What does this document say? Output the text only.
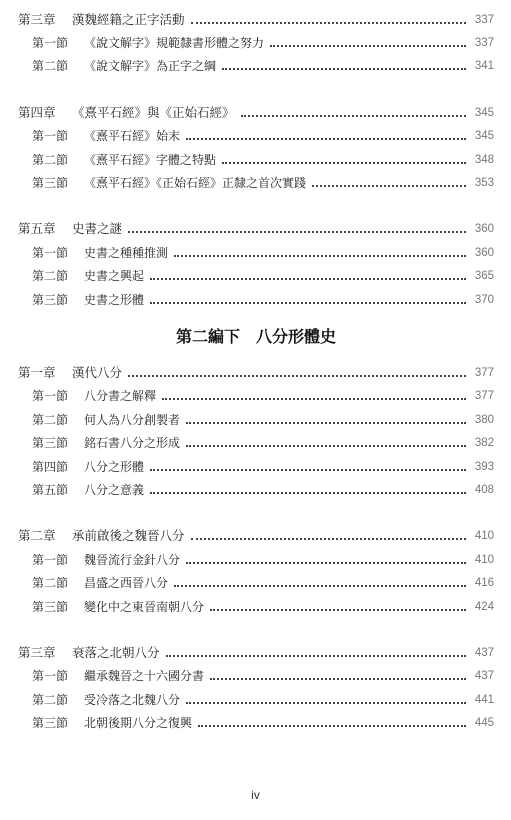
第三章	漢魏經籍之正字活動	337
第一節	《說文解字》規範隸書形體之努力	337
第二節	《說文解字》為正字之綱	341
第四章	《熹平石經》與《正始石經》	345
第一節	《熹平石經》始末	345
第二節	《熹平石經》字體之特點	348
第三節	《熹平石經》《正始石經》正隸之首次實踐	353
第五章	史書之謎	360
第一節	史書之種種推測	360
第二節	史書之興起	365
第三節	史書之形體	370
第二編下　八分形體史
第一章	漢代八分	377
第一節	八分書之解釋	377
第二節	何人為八分創製者	380
第三節	銘石書八分之形成	382
第四節	八分之形體	393
第五節	八分之意義	408
第二章	承前啟後之魏晉八分	410
第一節	魏晉流行金針八分	410
第二節	昌盛之西晉八分	416
第三節	變化中之東晉南朝八分	424
第三章	衰落之北朝八分	437
第一節	繼承魏晉之十六國分書	437
第二節	受冷落之北魏八分	441
第三節	北朝後期八分之復興	445
iv
